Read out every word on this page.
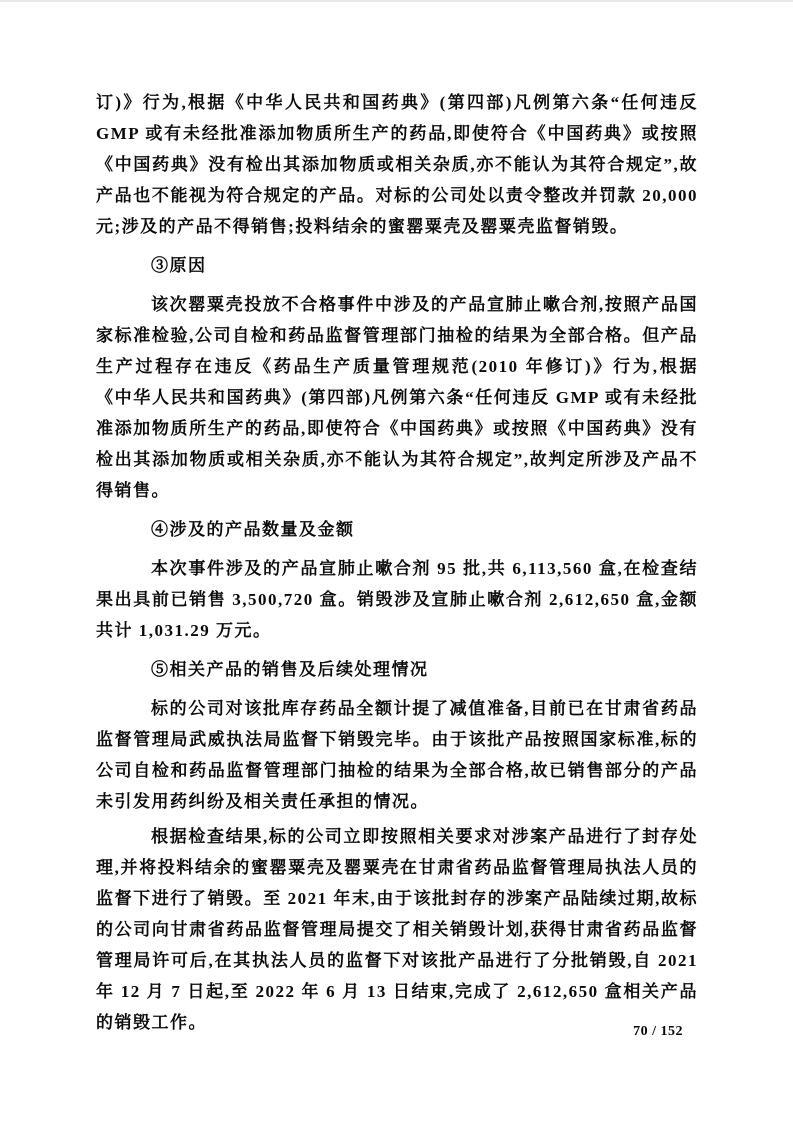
订)》行为,根据《中华人民共和国药典》(第四部)凡例第六条“任何违反GMP 或有未经批准添加物质所生产的药品,即使符合《中国药典》或按照《中国药典》没有检出其添加物质或相关杂质,亦不能认为其符合规定”,故产品也不能视为符合规定的产品。对标的公司处以责令整改并罚款 20,000 元;涉及的产品不得销售;投料结余的蜜罂粟壳及罂粟壳监督销毁。

③原因

该次罂粟壳投放不合格事件中涉及的产品宣肺止嗽合剂,按照产品国家标准检验,公司自检和药品监督管理部门抽检的结果为全部合格。但产品生产过程存在违反《药品生产质量管理规范(2010 年修订)》行为,根据《中华人民共和国药典》(第四部)凡例第六条“任何违反 GMP 或有未经批准添加物质所生产的药品,即使符合《中国药典》或按照《中国药典》没有检出其添加物质或相关杂质,亦不能认为其符合规定”,故判定所涉及产品不得销售。

④涉及的产品数量及金额

本次事件涉及的产品宣肺止嗽合剂 95 批,共 6,113,560 盒,在检查结果出具前已销售 3,500,720 盒。销毁涉及宣肺止嗽合剂 2,612,650 盒,金额共计 1,031.29 万元。

⑤相关产品的销售及后续处理情况

标的公司对该批库存药品全额计提了减值准备,目前已在甘肃省药品监督管理局武威执法局监督下销毁完毕。由于该批产品按照国家标准,标的公司自检和药品监督管理部门抽检的结果为全部合格,故已销售部分的产品未引发用药纠纷及相关责任承担的情况。

根据检查结果,标的公司立即按照相关要求对涉案产品进行了封存处理,并将投料结余的蜜罂粟壳及罂粟壳在甘肃省药品监督管理局执法人员的监督下进行了销毁。至 2021 年末,由于该批封存的涉案产品陆续过期,故标的公司向甘肃省药品监督管理局提交了相关销毁计划,获得甘肃省药品监督管理局许可后,在其执法人员的监督下对该批产品进行了分批销毁,自 2021 年 12 月 7 日起,至 2022 年 6 月 13 日结束,完成了 2,612,650 盒相关产品的销毁工作。	70 / 152
